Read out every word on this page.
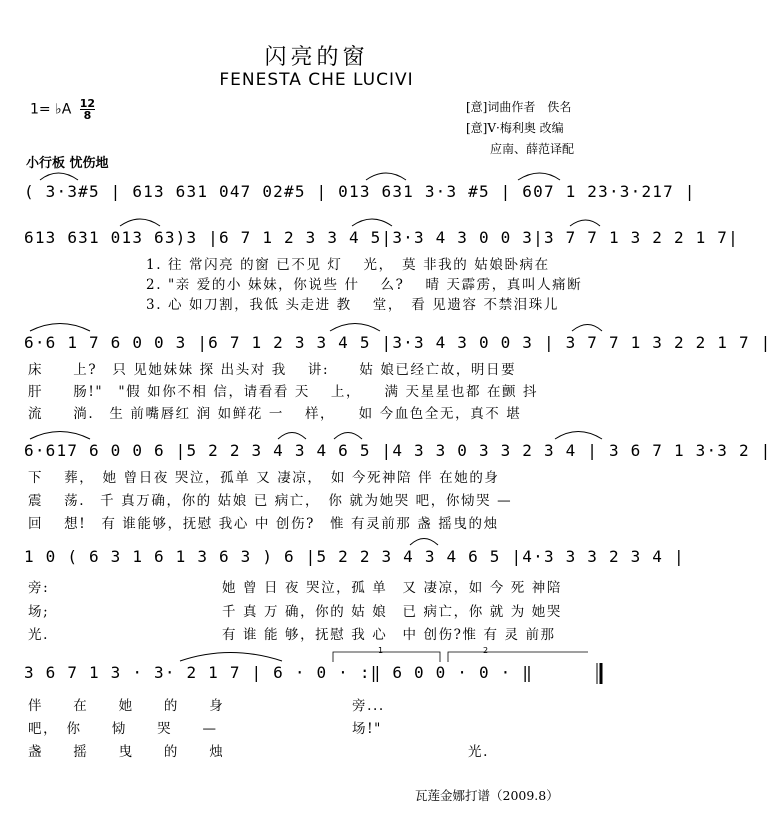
闪亮的窗
FENESTA CHE LUCIVI
1= ♭A $\frac{12}{8}$	[意]词曲作者　佚名
[意]V·梅利奥 改编
应南、薛范译配
小行板 忧伤地
( 3·3#5 | 613 631 047 02#5 | 013 631 3·3 #5 | 607 1 23·3·217 |
613 631 013 63)3 |6 7 1 2 3 3 4 5|3·3 4 3 0 0 3|3 7 7 1 3 2 2 1 7|
6·6 1 7 6 0 0 3 |6 7 1 2 3 3 4 5 |3·3 4 3 0 0 3 | 3 7 7 1 3 2 2 1 7 |
6·617 6 0 0 6 |5 2 2 3 4 3 4 6 5 |4 3 3 0 3 3 2 3 4 | 3 6 7 1 3·3 2 |
1 0 ( 6 3 1 6 1 3 6 3 ) 6 |5 2 2 3 4 3 4 6 5 |4·3 3 3 2 3 4 |
3 6 7 1 3 · 3· 2 1 7 | 6 · 0 · :‖ 6 0 0 · 0 · ‖
1. 往 常闪亮 的窗 已不见 灯　 光，　莫 非我的 姑娘卧病在
2. "亲 爱的小 妹妹，你说些 什　 么? 　晴 天霹雳，真叫人痛断
3. 心 如刀割，我低 头走进 教　 堂，　看 见遗容 不禁泪珠儿
床　　上?　只 见她妹妹 探 出头对 我　 讲:　　姑 娘已经亡故，明日要
肝　　肠!"　"假 如你不相 信，请看看 天　 上，　　满 天星星也都 在颤 抖
流　　淌.　生 前嘴唇红 润 如鲜花 一　 样，　　如 今血色全无，真不 堪
下　 葬，　她 曾日夜 哭泣，孤单 又 凄凉，　如 今死神陪 伴 在她的身
震　 荡.　千 真万确，你的 姑娘 已 病亡，　你 就为她哭 吧，你恸哭 —
回　 想!　有 谁能够，抚慰 我心 中 创伤?　惟 有灵前那 盏 摇曳的烛
旁:
场;
光.
她 曾 日 夜 哭泣，孤 单　又 凄凉，如 今 死 神陪
千 真 万 确，你的 姑 娘　已 病亡，你 就 为 她哭
有 谁 能 够，抚慰 我 心　中 创伤?惟 有 灵 前那
伴　　在　　她　　的　　身
吧，　你　　恸　　哭　　—
盏　　摇　　曳　　的　　烛
旁...
场!"
光.
1	2
瓦莲金娜打谱（2009.8）
